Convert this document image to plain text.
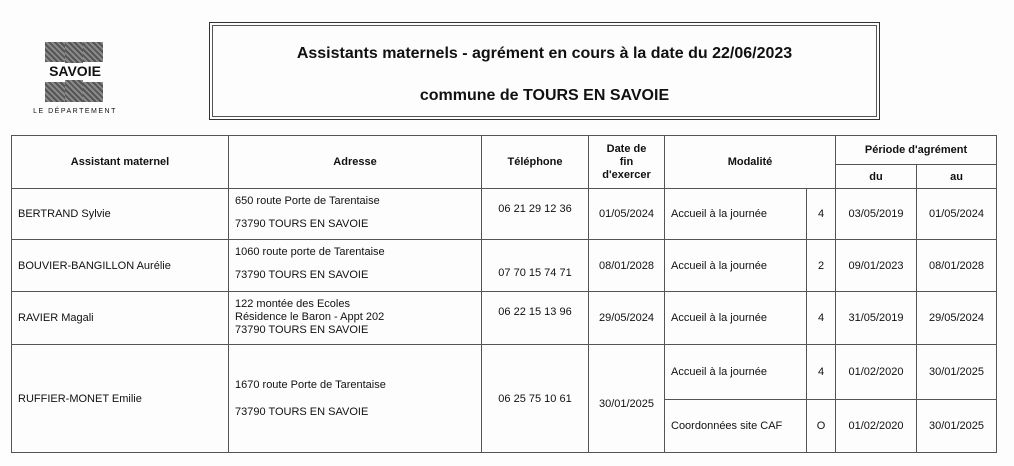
SAVOIE
LE DÉPARTEMENT
Assistants maternels - agrément en cours à la date du 22/06/2023
commune de TOURS EN SAVOIE
Assistant maternel	Adresse	Téléphone	Date de
fin
d'exercer	Modalité		Période d'agrément	
						du	au
BERTRAND Sylvie	650 route Porte de Tarentaise
73790 TOURS EN SAVOIE	06 21 29 12 36	01/05/2024	Accueil à la journée	4	03/05/2019	01/05/2024
BOUVIER-BANGILLON Aurélie	1060 route porte de Tarentaise
73790 TOURS EN SAVOIE	07 70 15 74 71	08/01/2028	Accueil à la journée	2	09/01/2023	08/01/2028
RAVIER Magali	122 montée des Ecoles
Résidence le Baron - Appt 202
73790 TOURS EN SAVOIE	06 22 15 13 96	29/05/2024	Accueil à la journée	4	31/05/2019	29/05/2024
RUFFIER-MONET Emilie	1670 route Porte de Tarentaise
73790 TOURS EN SAVOIE	06 25 75 10 61	30/01/2025	Accueil à la journée	4	01/02/2020	30/01/2025
				Coordonnées site CAF	O	01/02/2020	30/01/2025
